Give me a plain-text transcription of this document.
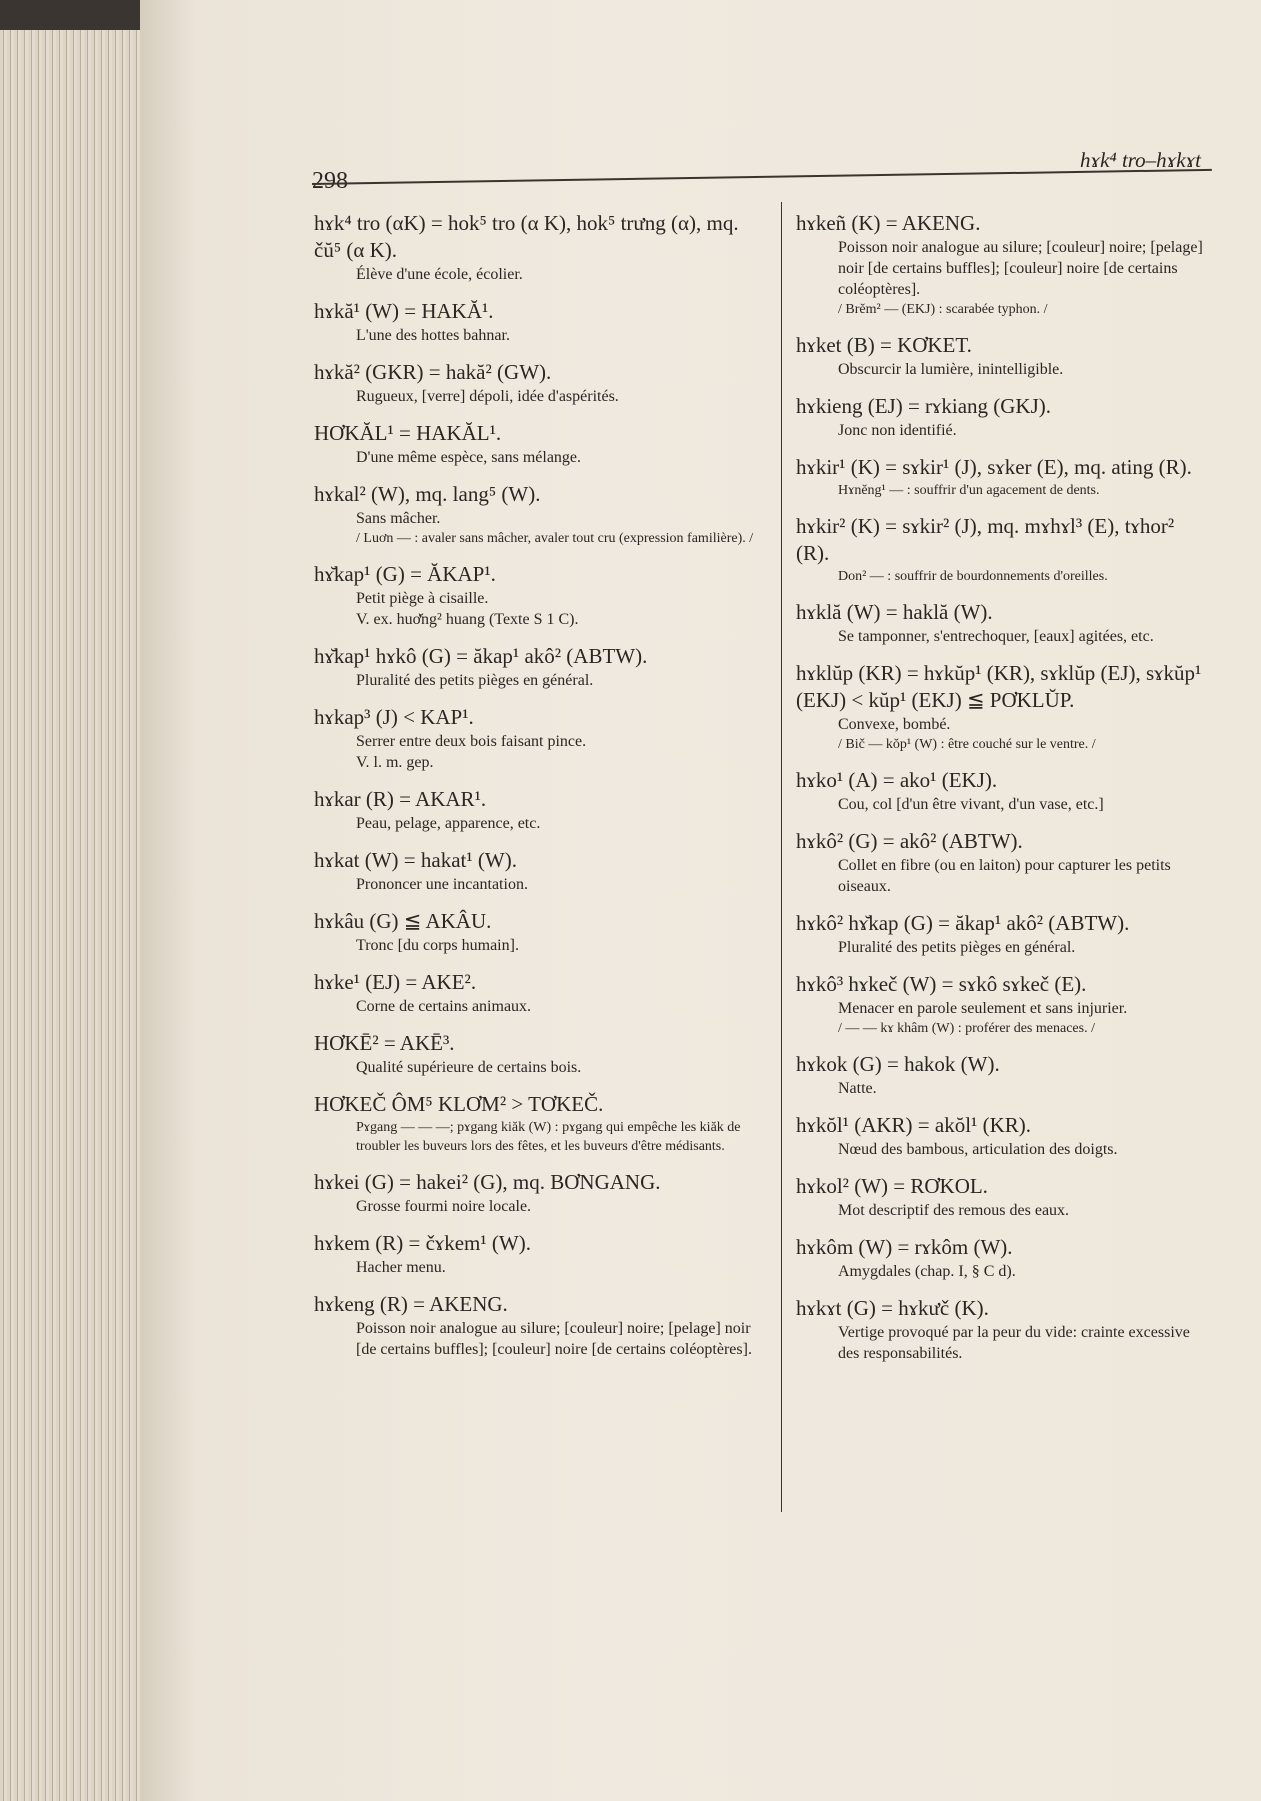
298
hɤk⁴ tro–hɤkɤt
hɤk⁴ tro (αK) = hok⁵ tro (α K), hok⁵ trưng (α), mq. čŭ⁵ (α K).
Élève d'une école, écolier.
hɤkă¹ (W) = HAKĂ¹.
L'une des hottes bahnar.
hɤkă² (GKR) = hakă² (GW).
Rugueux, [verre] dépoli, idée d'aspérités.
HƠKĂL¹ = HAKĂL¹.
D'une même espèce, sans mélange.
hɤkal² (W), mq. lang⁵ (W).
Sans mâcher.
/ Luơn — : avaler sans mâcher, avaler tout cru (expression familière). /
hɤ̆kap¹ (G) = ĂKAP¹.
Petit piège à cisaille.
V. ex. huơ̆ng² huang (Texte S 1 C).
hɤ̆kap¹ hɤkô (G) = ăkap¹ akô² (ABTW).
Pluralité des petits pièges en général.
hɤkap³ (J) < KAP¹.
Serrer entre deux bois faisant pince.
V. l. m. gep.
hɤkar (R) = AKAR¹.
Peau, pelage, apparence, etc.
hɤkat (W) = hakat¹ (W).
Prononcer une incantation.
hɤkâu (G) ≦ AKÂU.
Tronc [du corps humain].
hɤke¹ (EJ) = AKE².
Corne de certains animaux.
HƠKĒ² = AKĒ³.
Qualité supérieure de certains bois.
HƠKEČ ÔM⁵ KLƠM² > TƠKEČ.
Pɤgang — — —; pɤgang kiăk (W) : pɤgang qui empêche les kiăk de troubler les buveurs lors des fêtes, et les buveurs d'être médisants.
hɤkei (G) = hakei² (G), mq. BƠNGANG.
Grosse fourmi noire locale.
hɤkem (R) = čɤkem¹ (W).
Hacher menu.
hɤkeng (R) = AKENG.
Poisson noir analogue au silure; [couleur] noire; [pelage] noir [de certains buffles]; [couleur] noire [de certains coléoptères].
hɤkeñ (K) = AKENG.
Poisson noir analogue au silure; [couleur] noire; [pelage] noir [de certains buffles]; [couleur] noire [de certains coléoptères].
/ Brĕm² — (EKJ) : scarabée typhon. /
hɤket (B) = KƠKET.
Obscurcir la lumière, inintelligible.
hɤkieng (EJ) = rɤkiang (GKJ).
Jonc non identifié.
hɤkir¹ (K) = sɤkir¹ (J), sɤker (E), mq. ating (R).
Hɤnĕng¹ — : souffrir d'un agacement de dents.
hɤkir² (K) = sɤkir² (J), mq. mɤhɤl³ (E), tɤhor² (R).
Don² — : souffrir de bourdonnements d'oreilles.
hɤklă (W) = haklă (W).
Se tamponner, s'entrechoquer, [eaux] agitées, etc.
hɤklŭp (KR) = hɤkŭp¹ (KR), sɤklŭp (EJ), sɤkŭp¹ (EKJ) < kŭp¹ (EKJ) ≦ PƠKLŬP.
Convexe, bombé.
/ Bič — kŏp¹ (W) : être couché sur le ventre. /
hɤko¹ (A) = ako¹ (EKJ).
Cou, col [d'un être vivant, d'un vase, etc.]
hɤkô² (G) = akô² (ABTW).
Collet en fibre (ou en laiton) pour capturer les petits oiseaux.
hɤkô² hɤ̆kap (G) = ăkap¹ akô² (ABTW).
Pluralité des petits pièges en général.
hɤkô³ hɤkeč (W) = sɤkô sɤkeč (E).
Menacer en parole seulement et sans injurier.
/ — — kɤ khâm (W) : proférer des menaces. /
hɤkok (G) = hakok (W).
Natte.
hɤkŏl¹ (AKR) = akŏl¹ (KR).
Nœud des bambous, articulation des doigts.
hɤkol² (W) = RƠKOL.
Mot descriptif des remous des eaux.
hɤkôm (W) = rɤkôm (W).
Amygdales (chap. I, § C d).
hɤkɤt (G) = hɤkưč (K).
Vertige provoqué par la peur du vide: crainte excessive des responsabilités.
